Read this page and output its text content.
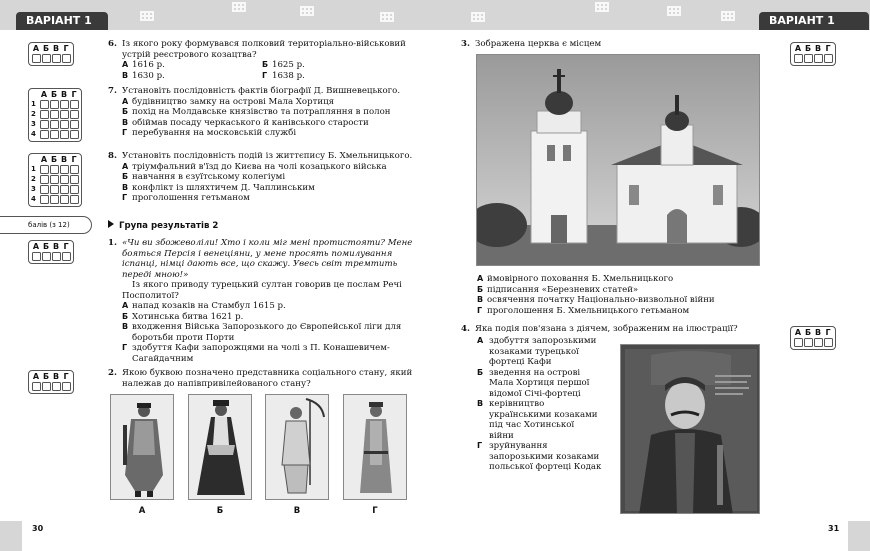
ВАРІАНТ 1
А Б В Г
А Б В Г
1
2
3
4
А Б В Г
1
2
3
4
6. Із якого року формувався полковий територіально-військовий устрій реєстрового козацтва?
А 1616 р.	Б 1625 р.
В 1630 р.	Г 1638 р.
7. Установіть послідовність фактів біографії Д. Вишневецького.
А будівництво замку на острові Мала Хортиця
Б похід на Молдавське князівство та потрапляння в полон
В обіймав посаду черкаського й канівського старости
Г перебування на московській службі
8. Установіть послідовність подій із життєпису Б. Хмельницького.
А тріумфальний в'їзд до Києва на чолі козацького війська
Б навчання в єзуїтському колегіумі
В конфлікт із шляхтичем Д. Чаплинським
Г проголошення гетьманом
балів (з 12)	Група результатів 2
А Б В Г	1. «Чи ви збожеволіли! Хто і коли міг мені протистояти? Мене бояться Персія і венеціяни, у мене просять помилування іспанці, німці дають все, що скажу. Увесь світ тремтить переді мною!»
Із якого приводу турецький султан говорив це послам Речі Посполитої?
А напад козаків на Стамбул 1615 р.
Б Хотинська битва 1621 р.
В входження Війська Запорозького до Європейської ліги для боротьби проти Порти
Г здобуття Кафи запорожцями на чолі з П. Конашевичем-Сагайдачним
А Б В Г	2. Якою буквою позначено представника соціального стану, який належав до напівпривілейованого стану?
А	Б	В	Г
30
ВАРІАНТ 1
3. Зображена церква є місцем	А Б В Г
А ймовірного поховання Б. Хмельницького
Б підписання «Березневих статей»
В освячення початку Національно-визвольної війни
Г проголошення Б. Хмельницького гетьманом
4. Яка подія пов'язана з діячем, зображеним на ілюстрації?	А Б В Г
А здобуття запорозькими
козаками турецької
фортеці Кафи
Б зведення на острові
Мала Хортиця першої
відомої Січі-фортеці
В керівництво
українськими козаками
під час Хотинської
війни
Г зруйнування
запорозькими козаками
польської фортеці Кодак
31
